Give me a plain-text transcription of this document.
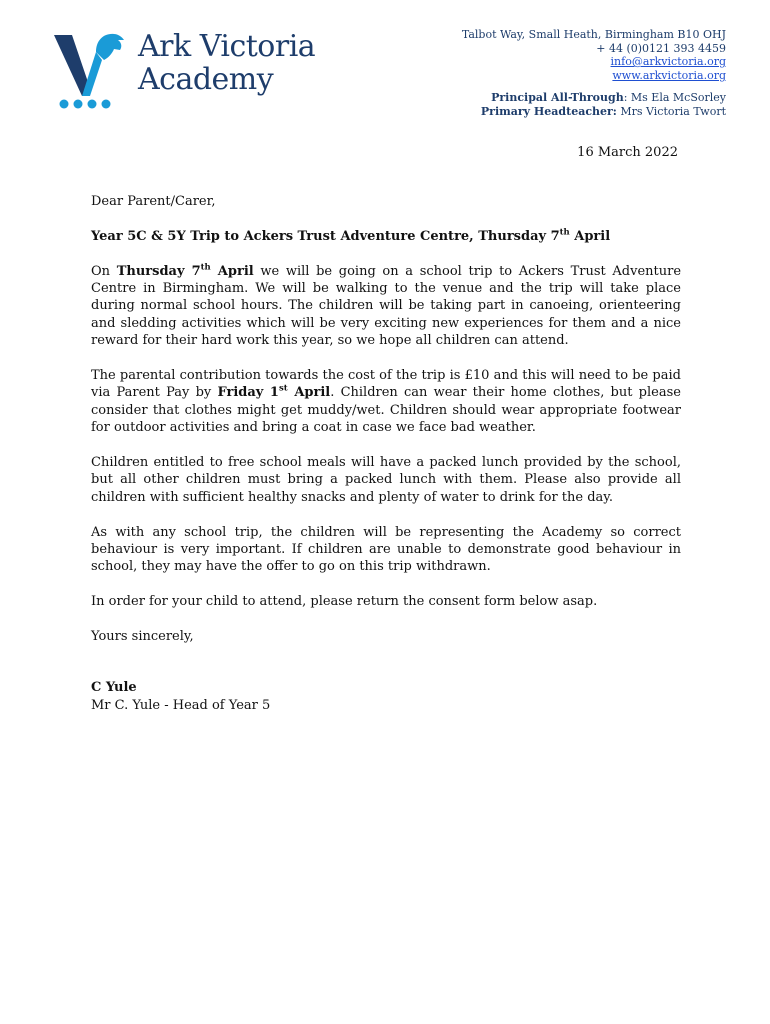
Ark Victoria
Academy
Talbot Way, Small Heath, Birmingham B10 OHJ
+ 44 (0)0121 393 4459
info@arkvictoria.org
www.arkvictoria.org
Principal All-Through: Ms Ela McSorley
Primary Headteacher: Mrs Victoria Twort
16 March 2022

Dear Parent/Carer,

Year 5C & 5Y Trip to Ackers Trust Adventure Centre, Thursday 7th April

On Thursday 7th April we will be going on a school trip to Ackers Trust Adventure Centre in Birmingham. We will be walking to the venue and the trip will take place during normal school hours. The children will be taking part in canoeing, orienteering and sledding activities which will be very exciting new experiences for them and a nice reward for their hard work this year, so we hope all children can attend.

The parental contribution towards the cost of the trip is £10 and this will need to be paid via Parent Pay by Friday 1st April. Children can wear their home clothes, but please consider that clothes might get muddy/wet. Children should wear appropriate footwear for outdoor activities and bring a coat in case we face bad weather.

Children entitled to free school meals will have a packed lunch provided by the school, but all other children must bring a packed lunch with them. Please also provide all children with sufficient healthy snacks and plenty of water to drink for the day.

As with any school trip, the children will be representing the Academy so correct behaviour is very important. If children are unable to demonstrate good behaviour in school, they may have the offer to go on this trip withdrawn.

In order for your child to attend, please return the consent form below asap.

Yours sincerely,

C Yule
Mr C. Yule - Head of Year 5
